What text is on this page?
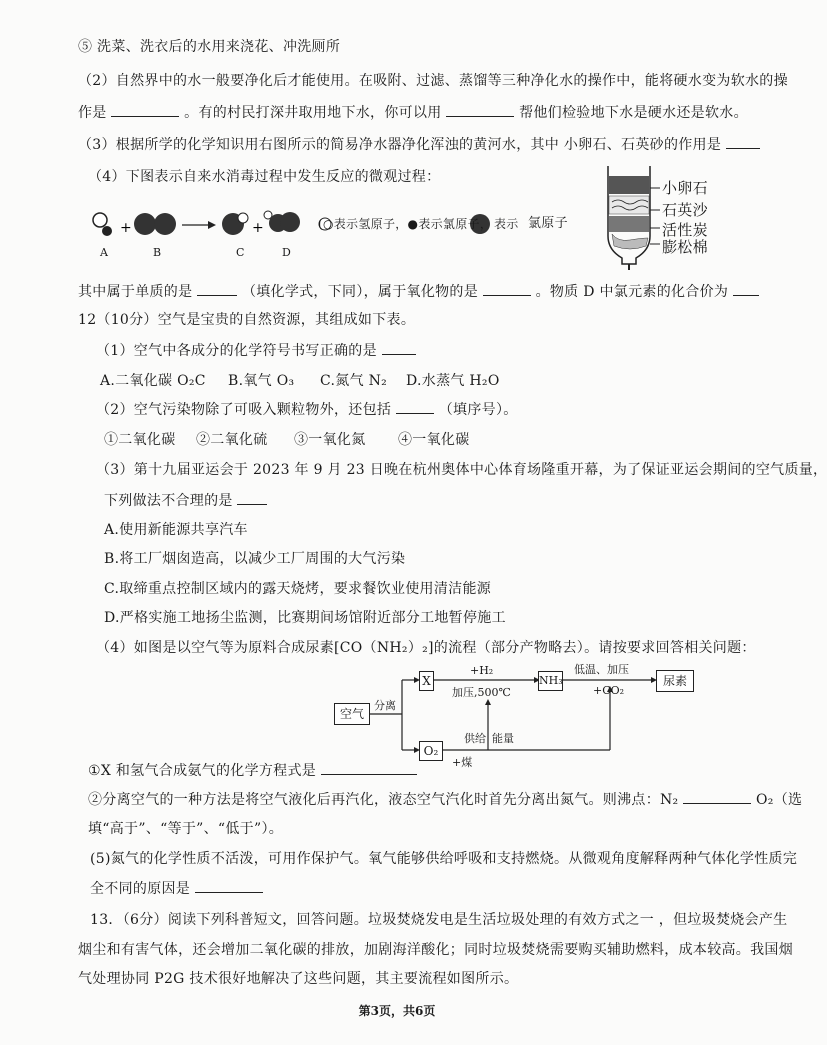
⑤ 洗菜、洗衣后的水用来浇花、冲洗厕所
（2）自然界中的水一般要净化后才能使用。在吸附、过滤、蒸馏等三种净化水的操作中，能将硬水变为软水的操
作是	。有的村民打深井取用地下水，你可以用	帮他们检验地下水是硬水还是软水。
（3）根据所学的化学知识用右图所示的简易净水器净化浑浊的黄河水，其中 小卵石、石英砂的作用是
（4）下图表示自来水消毒过程中发生反应的微观过程：
+	+	(○表示氢原子，●表示氯原子， 表示 氯原子
A	B	C	D
小卵石
石英沙
活性炭
膨松棉
其中属于单质的是	（填化学式，下同），属于氧化物的是	。物质 D 中氯元素的化合价为
12（10分）空气是宝贵的自然资源，其组成如下表。
（1）空气中各成分的化学符号书写正确的是
A.二氧化碳 O₂C B.氧气 O₃ C.氮气 N₂ D.水蒸气 H₂O
（2）空气污染物除了可吸入颗粒物外，还包括	（填序号）。
①二氧化碳 ②二氧化硫 ③一氧化氮 ④一氧化碳
（3）第十九届亚运会于 2023 年 9 月 23 日晚在杭州奥体中心体育场隆重开幕，为了保证亚运会期间的空气质量，
下列做法不合理的是
A.使用新能源共享汽车
B.将工厂烟囱造高，以减少工厂周围的大气污染
C.取缔重点控制区域内的露天烧烤，要求餐饮业使用清洁能源
D.严格实施工地扬尘监测，比赛期间场馆附近部分工地暂停施工
（4）如图是以空气等为原料合成尿素[CO（NH₂）₂]的流程（部分产物略去）。请按要求回答相关问题：
空气
分离
X
+H₂
加压,500℃
NH₃
低温、加压
+CO₂
尿素
O₂
+煤
供给 能量
①X 和氢气合成氨气的化学方程式是
②分离空气的一种方法是将空气液化后再汽化，液态空气汽化时首先分离出氮气。则沸点：N₂	O₂（选
填“高于”、“等于”、“低于”）。
(5)氮气的化学性质不活泼，可用作保护气。氧气能够供给呼吸和支持燃烧。从微观角度解释两种气体化学性质完
全不同的原因是
13．（6分）阅读下列科普短文，回答问题。垃圾焚烧发电是生活垃圾处理的有效方式之一 ，但垃圾焚烧会产生
烟尘和有害气体，还会增加二氧化碳的排放，加剧海洋酸化；同时垃圾焚烧需要购买辅助燃料，成本较高。我国烟
气处理协同 P2G 技术很好地解决了这些问题，其主要流程如图所示。
第3页，共6页
